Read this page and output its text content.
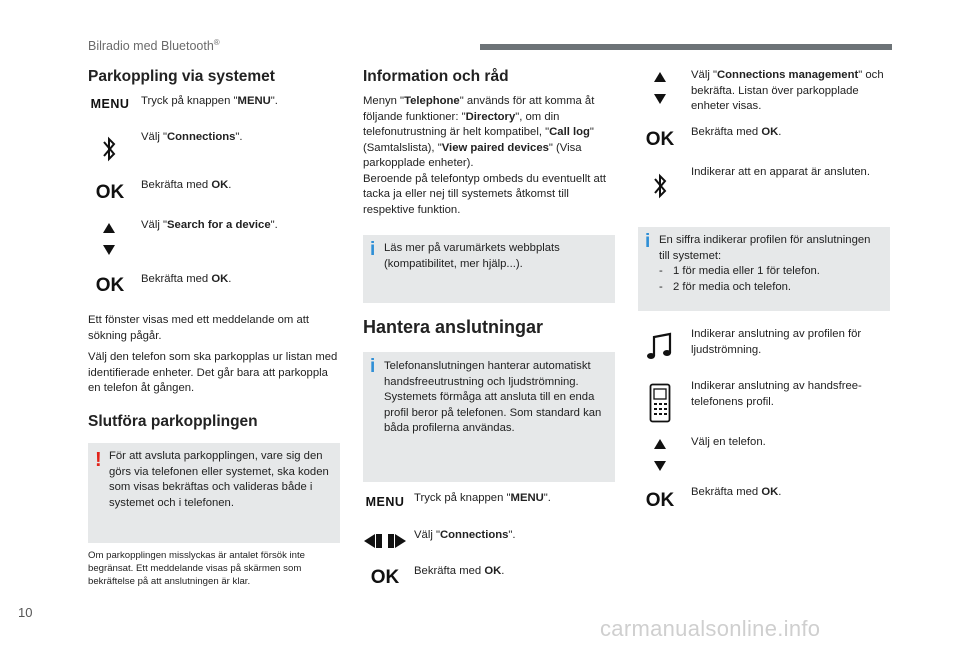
Bilradio med Bluetooth®
Parkoppling via systemet
MENU Tryck på knappen "MENU".
Välj "Connections".
OK	Bekräfta med OK.
Välj "Search for a device".
OK	Bekräfta med OK.
Ett fönster visas med ett meddelande om att sökning pågår.
Välj den telefon som ska parkopplas ur listan med identifierade enheter. Det går bara att parkoppla en telefon åt gången.
Slutföra parkopplingen
! För att avsluta parkopplingen, vare sig den görs via telefonen eller systemet, ska koden som visas bekräftas och valideras både i systemet och i telefonen.
Om parkopplingen misslyckas är antalet försök inte begränsat. Ett meddelande visas på skärmen som bekräftelse på att anslutningen är klar.
Information och råd
Menyn "Telephone" används för att komma åt följande funktioner: "Directory", om din telefonutrustning är helt kompatibel, "Call log" (Samtalslista), "View paired devices" (Visa parkopplade enheter).
Beroende på telefontyp ombeds du eventuellt att tacka ja eller nej till systemets åtkomst till respektive funktion.
i Läs mer på varumärkets webbplats (kompatibilitet, mer hjälp...).
Hantera anslutningar
i Telefonanslutningen hanterar automatiskt handsfreeutrustning och ljudströmning. Systemets förmåga att ansluta till en enda profil beror på telefonen. Som standard kan båda profilerna användas.
MENU Tryck på knappen "MENU".
Välj "Connections".
OK	Bekräfta med OK.
Välj "Connections management" och bekräfta. Listan över parkopplade enheter visas.
OK	Bekräfta med OK.
Indikerar att en apparat är ansluten.
i En siffra indikerar profilen för anslutningen till systemet:
- 1 för media eller 1 för telefon.
- 2 för media och telefon.
Indikerar anslutning av profilen för ljudströmning.
Indikerar anslutning av handsfree-telefonens profil.
Välj en telefon.
OK	Bekräfta med OK.
10
carmanualsonline.info
